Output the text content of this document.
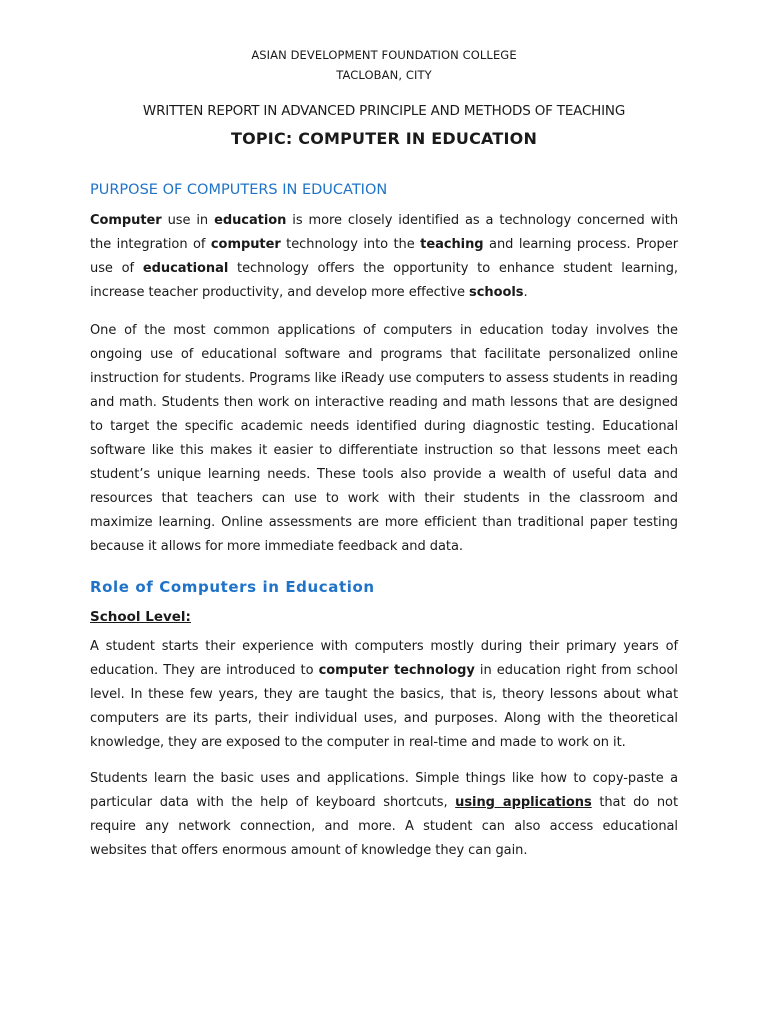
ASIAN DEVELOPMENT FOUNDATION COLLEGE
TACLOBAN, CITY
WRITTEN REPORT IN ADVANCED PRINCIPLE AND METHODS OF TEACHING
TOPIC: COMPUTER IN EDUCATION
PURPOSE OF COMPUTERS IN EDUCATION

Computer use in education is more closely identified as a technology concerned with the integration of computer technology into the teaching and learning process. Proper use of educational technology offers the opportunity to enhance student learning, increase teacher productivity, and develop more effective schools.

One of the most common applications of computers in education today involves the ongoing use of educational software and programs that facilitate personalized online instruction for students. Programs like iReady use computers to assess students in reading and math. Students then work on interactive reading and math lessons that are designed to target the specific academic needs identified during diagnostic testing. Educational software like this makes it easier to differentiate instruction so that lessons meet each student’s unique learning needs. These tools also provide a wealth of useful data and resources that teachers can use to work with their students in the classroom and maximize learning. Online assessments are more efficient than traditional paper testing because it allows for more immediate feedback and data.

Role of Computers in Education
School Level:

A student starts their experience with computers mostly during their primary years of education. They are introduced to computer technology in education right from school level. In these few years, they are taught the basics, that is, theory lessons about what computers are its parts, their individual uses, and purposes. Along with the theoretical knowledge, they are exposed to the computer in real-time and made to work on it.

Students learn the basic uses and applications. Simple things like how to copy-paste a particular data with the help of keyboard shortcuts, using applications that do not require any network connection, and more. A student can also access educational websites that offers enormous amount of knowledge they can gain.
